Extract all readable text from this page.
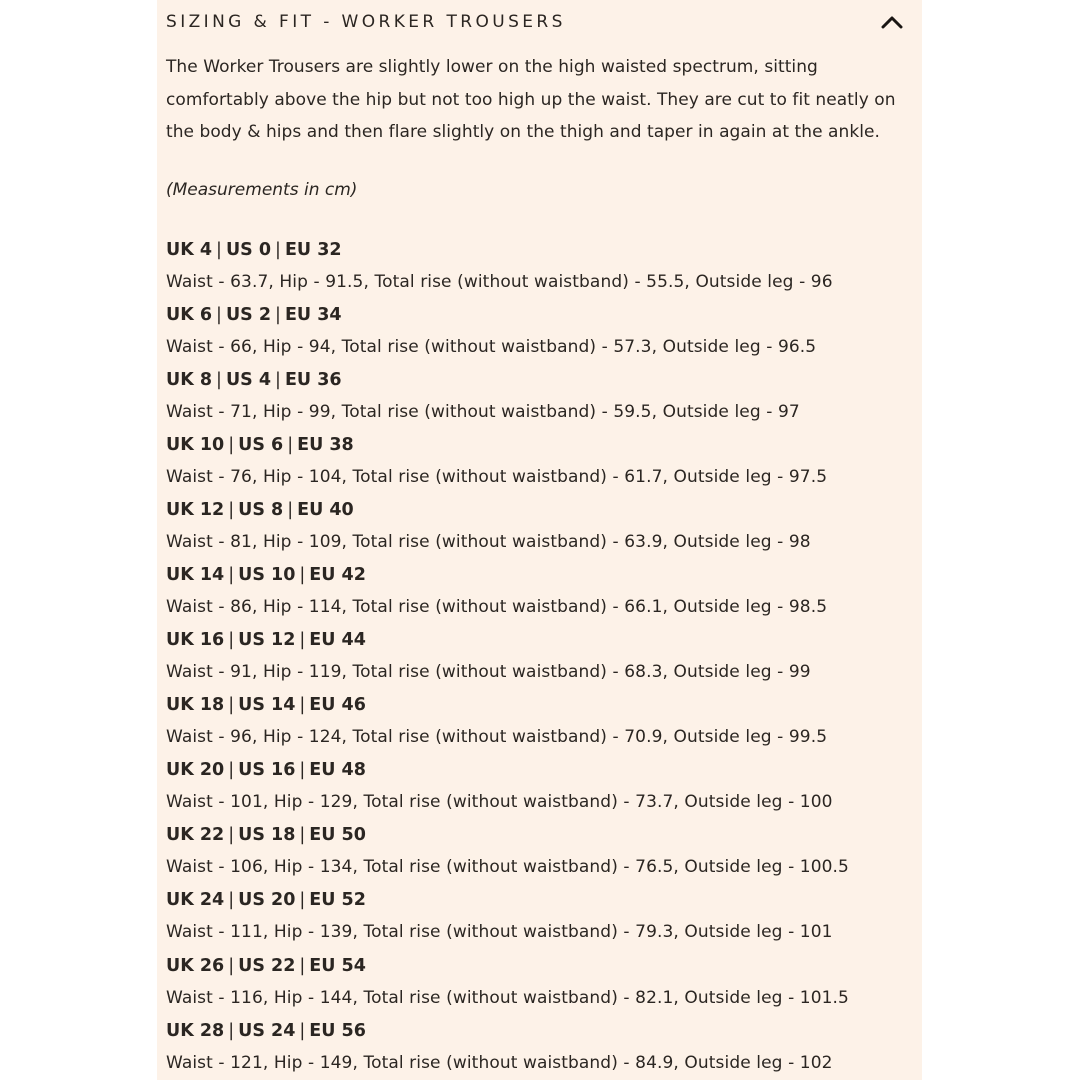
SIZING & FIT - WORKER TROUSERS

The Worker Trousers are slightly lower on the high waisted spectrum, sitting comfortably above the hip but not too high up the waist. They are cut to fit neatly on the body & hips and then flare slightly on the thigh and taper in again at the ankle.

(Measurements in cm)

UK 4 | US 0 | EU 32
Waist - 63.7, Hip - 91.5, Total rise (without waistband) - 55.5, Outside leg - 96
UK 6 | US 2 | EU 34
Waist - 66, Hip - 94, Total rise (without waistband) - 57.3, Outside leg - 96.5
UK 8 | US 4 | EU 36
Waist - 71, Hip - 99, Total rise (without waistband) - 59.5, Outside leg - 97
UK 10 | US 6 | EU 38
Waist - 76, Hip - 104, Total rise (without waistband) - 61.7, Outside leg - 97.5
UK 12 | US 8 | EU 40
Waist - 81, Hip - 109, Total rise (without waistband) - 63.9, Outside leg - 98
UK 14 | US 10 | EU 42
Waist - 86, Hip - 114, Total rise (without waistband) - 66.1, Outside leg - 98.5
UK 16 | US 12 | EU 44
Waist - 91, Hip - 119, Total rise (without waistband) - 68.3, Outside leg - 99
UK 18 | US 14 | EU 46
Waist - 96, Hip - 124, Total rise (without waistband) - 70.9, Outside leg - 99.5
UK 20 | US 16 | EU 48
Waist - 101, Hip - 129, Total rise (without waistband) - 73.7, Outside leg - 100
UK 22 | US 18 | EU 50
Waist - 106, Hip - 134, Total rise (without waistband) - 76.5, Outside leg - 100.5
UK 24 | US 20 | EU 52
Waist - 111, Hip - 139, Total rise (without waistband) - 79.3, Outside leg - 101
UK 26 | US 22 | EU 54
Waist - 116, Hip - 144, Total rise (without waistband) - 82.1, Outside leg - 101.5
UK 28 | US 24 | EU 56
Waist - 121, Hip - 149, Total rise (without waistband) - 84.9, Outside leg - 102
